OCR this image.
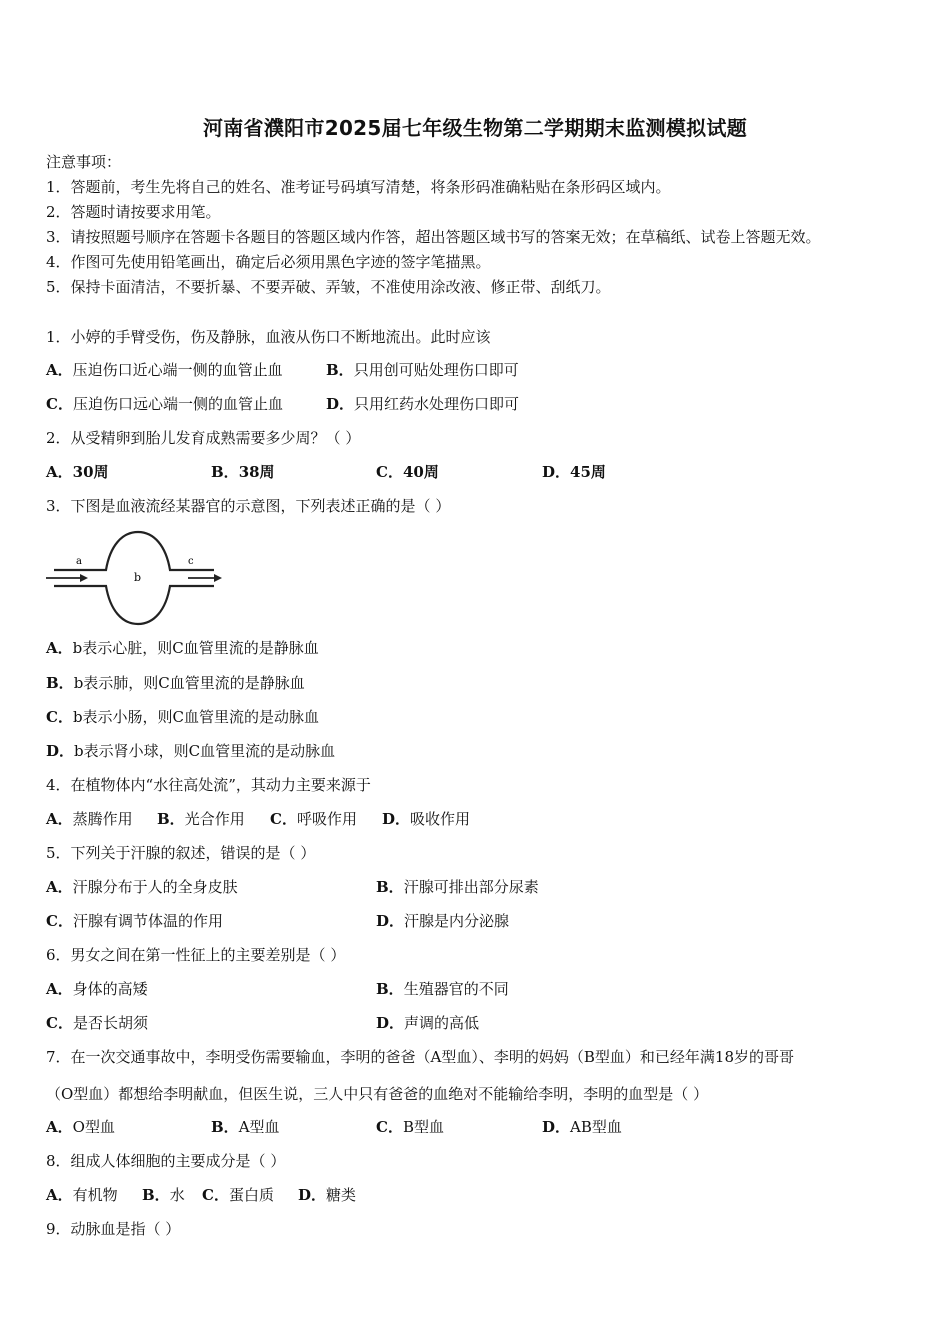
河南省濮阳市2025届七年级生物第二学期期末监测模拟试题
注意事项：
1．答题前，考生先将自己的姓名、准考证号码填写清楚，将条形码准确粘贴在条形码区域内。
2．答题时请按要求用笔。
3．请按照题号顺序在答题卡各题目的答题区域内作答，超出答题区域书写的答案无效；在草稿纸、试卷上答题无效。
4．作图可先使用铅笔画出，确定后必须用黑色字迹的签字笔描黑。
5．保持卡面清洁，不要折暴、不要弄破、弄皱，不准使用涂改液、修正带、刮纸刀。
1．小婷的手臂受伤，伤及静脉，血液从伤口不断地流出。此时应该
A．压迫伤口近心端一侧的血管止血	B．只用创可贴处理伤口即可
C．压迫伤口远心端一侧的血管止血	D．只用红药水处理伤口即可
2．从受精卵到胎儿发育成熟需要多少周？（ ）
A．30周	B．38周	C．40周	D．45周
3．下图是血液流经某器官的示意图，下列表述正确的是（ ）
a
b
c
A．b表示心脏，则C血管里流的是静脉血
B．b表示肺，则C血管里流的是静脉血
C．b表示小肠，则C血管里流的是动脉血
D．b表示肾小球，则C血管里流的是动脉血
4．在植物体内“水往高处流”，其动力主要来源于
A．蒸腾作用 B．光合作用 C．呼吸作用 D．吸收作用
5．下列关于汗腺的叙述，错误的是（ ）
A．汗腺分布于人的全身皮肤	B．汗腺可排出部分尿素
C．汗腺有调节体温的作用	D．汗腺是内分泌腺
6．男女之间在第一性征上的主要差别是（ ）
A．身体的高矮	B．生殖器官的不同
C．是否长胡须	D．声调的高低
7．在一次交通事故中，李明受伤需要输血，李明的爸爸（A型血）、李明的妈妈（B型血）和已经年满18岁的哥哥
（O型血）都想给李明献血，但医生说，三人中只有爸爸的血绝对不能输给李明，李明的血型是（ ）
A．O型血	B．A型血	C．B型血	D．AB型血
8．组成人体细胞的主要成分是（ ）
A．有机物 B．水 C．蛋白质 D．糖类
9．动脉血是指（ ）
